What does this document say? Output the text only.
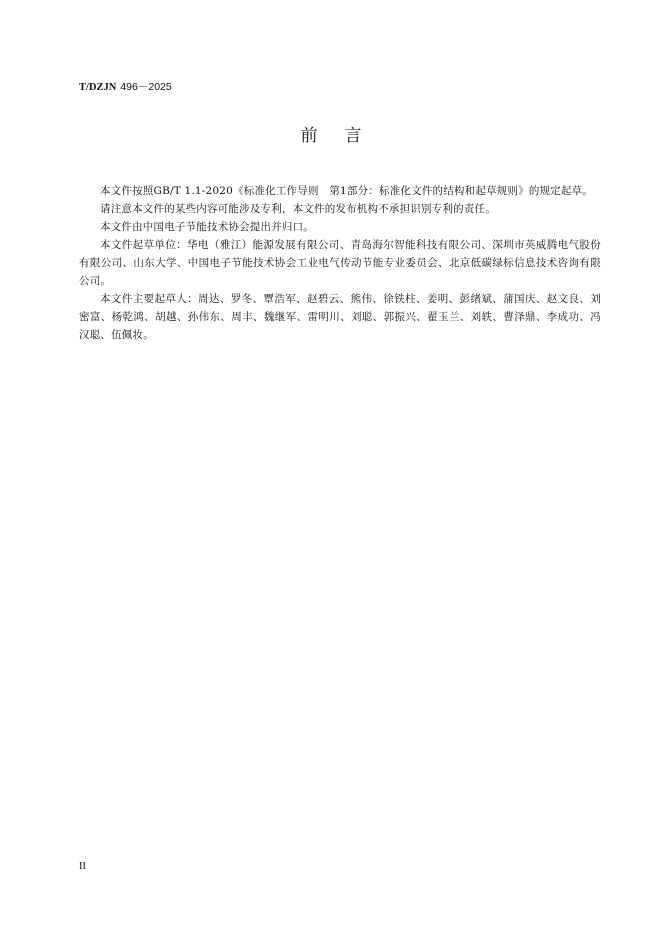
T/DZJN 496－2025
前言

本文件按照GB/T 1.1-2020《标准化工作导则　第1部分：标准化文件的结构和起草规则》的规定起草。

请注意本文件的某些内容可能涉及专利，本文件的发布机构不承担识别专利的责任。

本文件由中国电子节能技术协会提出并归口。

本文件起草单位：华电（雅江）能源发展有限公司、青岛海尔智能科技有限公司、深圳市英威腾电气股份有限公司、山东大学、中国电子节能技术协会工业电气传动节能专业委员会、北京低碳绿标信息技术咨询有限公司。

本文件主要起草人：周达、罗冬、覃浩军、赵碧云、熊伟、徐铁柱、姜明、彭绪斌、蒲国庆、赵文良、刘密富、杨乾鸿、胡越、孙伟东、周丰、魏继军、雷明川、刘聪、郭振兴、翟玉兰、刘轶、曹泽鼎、李成功、冯汉聪、伍佩妆。

II
